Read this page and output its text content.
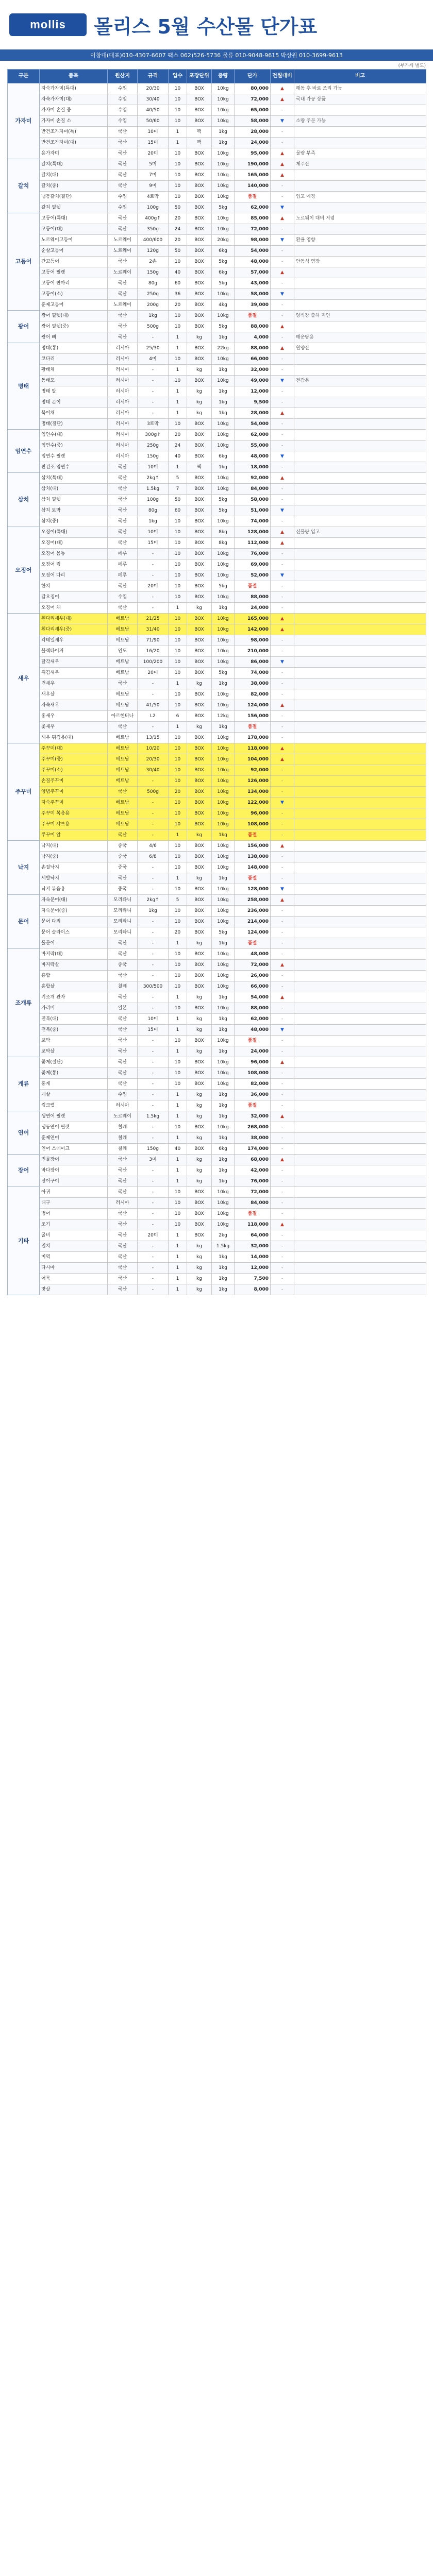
mollis	몰리스 5월 수산물 단가표
이창대(대표)010-4307-6607 팩스 062)526-5736 물류 010-9048-9615 박상원 010-3699-9613
(부가세 별도)
구분	품목	원산지	규격	입수	포장단위	중량	단가	전월대비	비고
가자미	자숙가자미(특대)	수입	20/30	10	BOX	10kg	80,000	▲	해동 후 바로 조리 가능
	자숙가자미(대)	수입	30/40	10	BOX	10kg	72,000	▲	국내 가공 상품
	가자미 손질 중	수입	40/50	10	BOX	10kg	65,000	-	
	가자미 손질 소	수입	50/60	10	BOX	10kg	58,000	▼	소량 주문 가능
	반건조가자미(특)	국산	10미	1	팩	1kg	28,000	-	
	반건조가자미(대)	국산	15미	1	팩	1kg	24,000	-	
	용가자미	국산	20미	10	BOX	10kg	95,000	▲	물량 부족
갈치	갈치(특대)	국산	5미	10	BOX	10kg	190,000	▲	제주산
	갈치(대)	국산	7미	10	BOX	10kg	165,000	▲	
	갈치(중)	국산	9미	10	BOX	10kg	140,000	-	
	냉동갈치(절단)	수입	4토막	10	BOX	10kg	품절	-	입고 예정
	갈치 필렛	수입	100g	50	BOX	5kg	62,000	▼	
고등어	고등어(특대)	국산	400g↑	20	BOX	10kg	85,000	▲	노르웨이 대비 저렴
	고등어(대)	국산	350g	24	BOX	10kg	72,000	-	
	노르웨이고등어	노르웨이	400/600	20	BOX	20kg	98,000	▼	환율 영향
	순살고등어	노르웨이	120g	50	BOX	6kg	54,000	-	
	간고등어	국산	2손	10	BOX	5kg	48,000	-	안동식 염장
	고등어 필렛	노르웨이	150g	40	BOX	6kg	57,000	▲	
	고등어 반마리	국산	80g	60	BOX	5kg	43,000	-	
	고등어(소)	국산	250g	36	BOX	10kg	58,000	▼	
	훈제고등어	노르웨이	200g	20	BOX	4kg	39,000	-	
광어	광어 필렛(대)	국산	1kg	10	BOX	10kg	품절	-	양식장 출하 지연
	광어 필렛(중)	국산	500g	10	BOX	5kg	88,000	▲	
	광어 뼈	국산	-	1	kg	1kg	4,000	-	매운탕용
명태	명태(통)	러시아	25/30	1	BOX	22kg	88,000	▲	원양산
	코다리	러시아	4미	10	BOX	10kg	66,000	-	
	황태채	러시아	-	1	kg	1kg	32,000	-	
	동태포	러시아	-	10	BOX	10kg	49,000	▼	전감용
	명태 알	러시아	-	1	kg	1kg	12,000	-	
	명태 곤이	러시아	-	1	kg	1kg	9,500	-	
	북어채	러시아	-	1	kg	1kg	28,000	▲	
	명태(절단)	러시아	3토막	10	BOX	10kg	54,000	-	
임연수	임연수(대)	러시아	300g↑	20	BOX	10kg	62,000	-	
	임연수(중)	러시아	250g	24	BOX	10kg	55,000	-	
	임연수 필렛	러시아	150g	40	BOX	6kg	48,000	▼	
	반건조 임연수	국산	10미	1	팩	1kg	18,000	-	
삼치	삼치(특대)	국산	2kg↑	5	BOX	10kg	92,000	▲	
	삼치(대)	국산	1.5kg	7	BOX	10kg	84,000	-	
	삼치 필렛	국산	100g	50	BOX	5kg	58,000	-	
	삼치 토막	국산	80g	60	BOX	5kg	51,000	▼	
	삼치(중)	국산	1kg	10	BOX	10kg	74,000	-	
오징어	오징어(특대)	국산	10미	10	BOX	8kg	128,000	▲	신물량 입고
	오징어(대)	국산	15미	10	BOX	8kg	112,000	▲	
	오징어 몸통	페루	-	10	BOX	10kg	76,000	-	
	오징어 링	페루	-	10	BOX	10kg	69,000	-	
	오징어 다리	페루	-	10	BOX	10kg	52,000	▼	
	한치	국산	20미	10	BOX	5kg	품절	-	
	갑오징어	수입	-	10	BOX	10kg	88,000	-	
	오징어 채	국산	-	1	kg	1kg	24,000	-	
새우	흰다리새우(대)	베트남	21/25	10	BOX	10kg	165,000	▲	
	흰다리새우(중)	베트남	31/40	10	BOX	10kg	142,000	▲	
	칵테일새우	베트남	71/90	10	BOX	10kg	98,000	-	
	블랙타이거	인도	16/20	10	BOX	10kg	210,000	-	
	탈각새우	베트남	100/200	10	BOX	10kg	86,000	▼	
	튀김새우	베트남	20미	10	BOX	5kg	74,000	-	
	건새우	국산	-	1	kg	1kg	38,000	-	
	새우살	베트남	-	10	BOX	10kg	82,000	-	
	자숙새우	베트남	41/50	10	BOX	10kg	124,000	▲	
	홍새우	아르헨티나	L2	6	BOX	12kg	156,000	-	
	꽃새우	국산	-	1	kg	1kg	품절	-	
	새우 튀김용(대)	베트남	13/15	10	BOX	10kg	178,000	-	
주꾸미	주꾸미(대)	베트남	10/20	10	BOX	10kg	118,000	▲	
	주꾸미(중)	베트남	20/30	10	BOX	10kg	104,000	▲	
	주꾸미(소)	베트남	30/40	10	BOX	10kg	92,000	-	
	손질주꾸미	베트남	-	10	BOX	10kg	126,000	-	
	양념주꾸미	국산	500g	20	BOX	10kg	134,000	-	
	자숙주꾸미	베트남	-	10	BOX	10kg	122,000	▼	
	주꾸미 볶음용	베트남	-	10	BOX	10kg	96,000	-	
	주꾸미 샤브용	베트남	-	10	BOX	10kg	108,000	-	
	쭈꾸미 알	국산	-	1	kg	1kg	품절	-	
낙지	낙지(대)	중국	4/6	10	BOX	10kg	156,000	▲	
	낙지(중)	중국	6/8	10	BOX	10kg	138,000	-	
	손질낙지	중국	-	10	BOX	10kg	148,000	-	
	세발낙지	국산	-	1	kg	1kg	품절	-	
	낙지 볶음용	중국	-	10	BOX	10kg	128,000	▼	
문어	자숙문어(대)	모리타니	2kg↑	5	BOX	10kg	258,000	▲	
	자숙문어(중)	모리타니	1kg	10	BOX	10kg	236,000	-	
	문어 다리	모리타니	-	10	BOX	10kg	214,000	-	
	문어 슬라이스	모리타니	-	20	BOX	5kg	124,000	-	
	돌문어	국산	-	1	kg	1kg	품절	-	
조개류	바지락(대)	국산	-	10	BOX	10kg	48,000	-	
	바지락살	중국	-	10	BOX	10kg	72,000	▲	
	홍합	국산	-	10	BOX	10kg	26,000	-	
	홍합살	칠레	300/500	10	BOX	10kg	66,000	-	
	키조개 관자	국산	-	1	kg	1kg	54,000	▲	
	가리비	일본	-	10	BOX	10kg	88,000	-	
	전복(대)	국산	10미	1	kg	1kg	62,000	-	
	전복(중)	국산	15미	1	kg	1kg	48,000	▼	
	꼬막	국산	-	10	BOX	10kg	품절	-	
	꼬막살	국산	-	1	kg	1kg	24,000	-	
게류	꽃게(절단)	국산	-	10	BOX	10kg	96,000	▲	
	꽃게(통)	국산	-	10	BOX	10kg	108,000	-	
	홍게	국산	-	10	BOX	10kg	82,000	-	
	게살	수입	-	1	kg	1kg	36,000	-	
	킹크랩	러시아	-	1	kg	1kg	품절	-	
연어	생연어 필렛	노르웨이	1.5kg	1	kg	1kg	32,000	▲	
	냉동연어 필렛	칠레	-	10	BOX	10kg	268,000	-	
	훈제연어	칠레	-	1	kg	1kg	38,000	-	
	연어 스테이크	칠레	150g	40	BOX	6kg	174,000	-	
장어	민물장어	국산	3미	1	kg	1kg	68,000	▲	
	바다장어	국산	-	1	kg	1kg	42,000	-	
	장어구이	국산	-	1	kg	1kg	76,000	-	
기타	아귀	국산	-	10	BOX	10kg	72,000	-	
	대구	러시아	-	10	BOX	10kg	84,000	-	
	병어	국산	-	10	BOX	10kg	품절	-	
	조기	국산	-	10	BOX	10kg	118,000	▲	
	굴비	국산	20미	1	BOX	2kg	64,000	-	
	멸치	국산	-	1	kg	1.5kg	32,000	-	
	미역	국산	-	1	kg	1kg	14,000	-	
	다시마	국산	-	1	kg	1kg	12,000	-	
	어묵	국산	-	1	kg	1kg	7,500	-	
	맛살	국산	-	1	kg	1kg	8,000	-	
